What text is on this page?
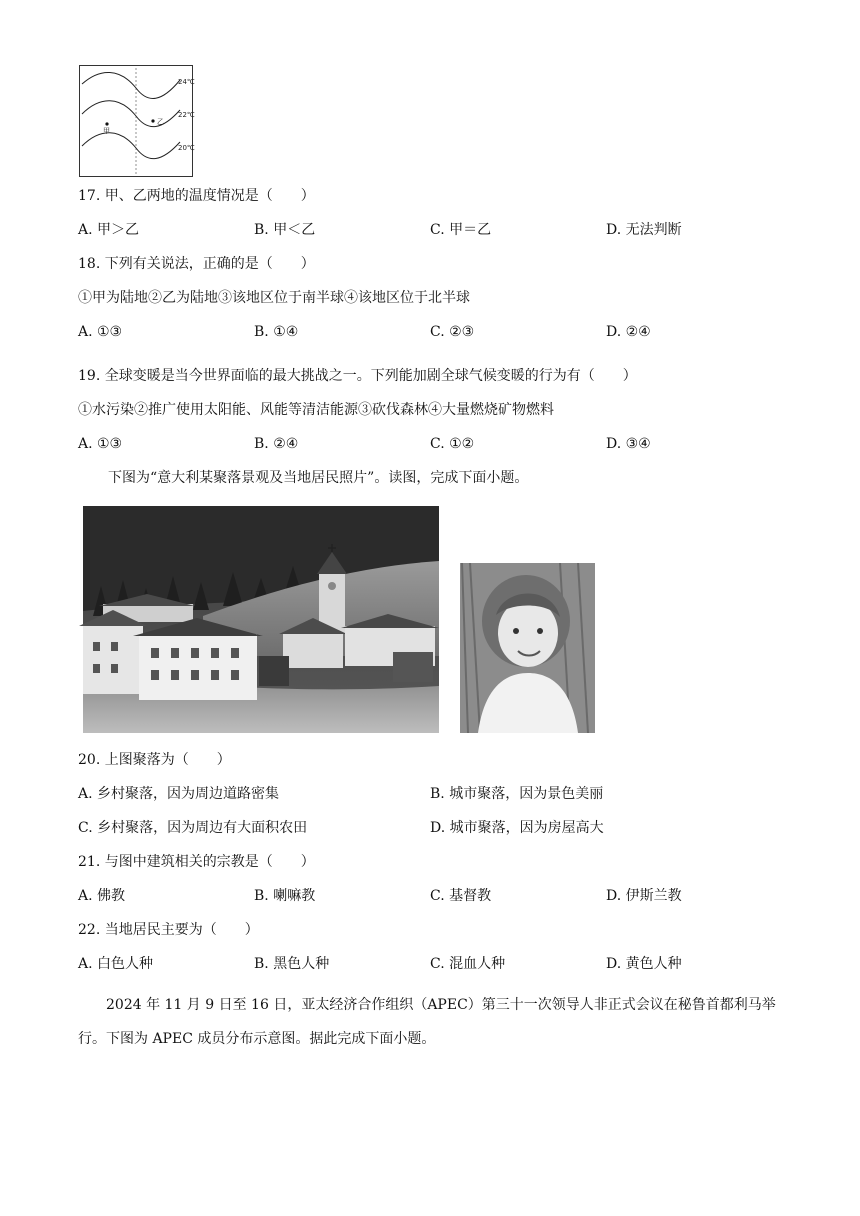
24℃
22℃
20℃
甲
乙
17. 甲、乙两地的温度情况是（　　）
A. 甲＞乙	B. 甲＜乙	C. 甲＝乙	D. 无法判断
18. 下列有关说法，正确的是（　　）
①甲为陆地②乙为陆地③该地区位于南半球④该地区位于北半球
A. ①③	B. ①④	C. ②③	D. ②④
19. 全球变暖是当今世界面临的最大挑战之一。下列能加剧全球气候变暖的行为有（　　）
①水污染②推广使用太阳能、风能等清洁能源③砍伐森林④大量燃烧矿物燃料
A. ①③	B. ②④	C. ①②	D. ③④
下图为“意大利某聚落景观及当地居民照片”。读图，完成下面小题。
20. 上图聚落为（　　）
A. 乡村聚落，因为周边道路密集	B. 城市聚落，因为景色美丽
C. 乡村聚落，因为周边有大面积农田	D. 城市聚落，因为房屋高大
21. 与图中建筑相关的宗教是（　　）
A. 佛教	B. 喇嘛教	C. 基督教	D. 伊斯兰教
22. 当地居民主要为（　　）
A. 白色人种	B. 黑色人种	C. 混血人种	D. 黄色人种
2024 年 11 月 9 日至 16 日，亚太经济合作组织（APEC）第三十一次领导人非正式会议在秘鲁首都利马举行。下图为 APEC 成员分布示意图。据此完成下面小题。
